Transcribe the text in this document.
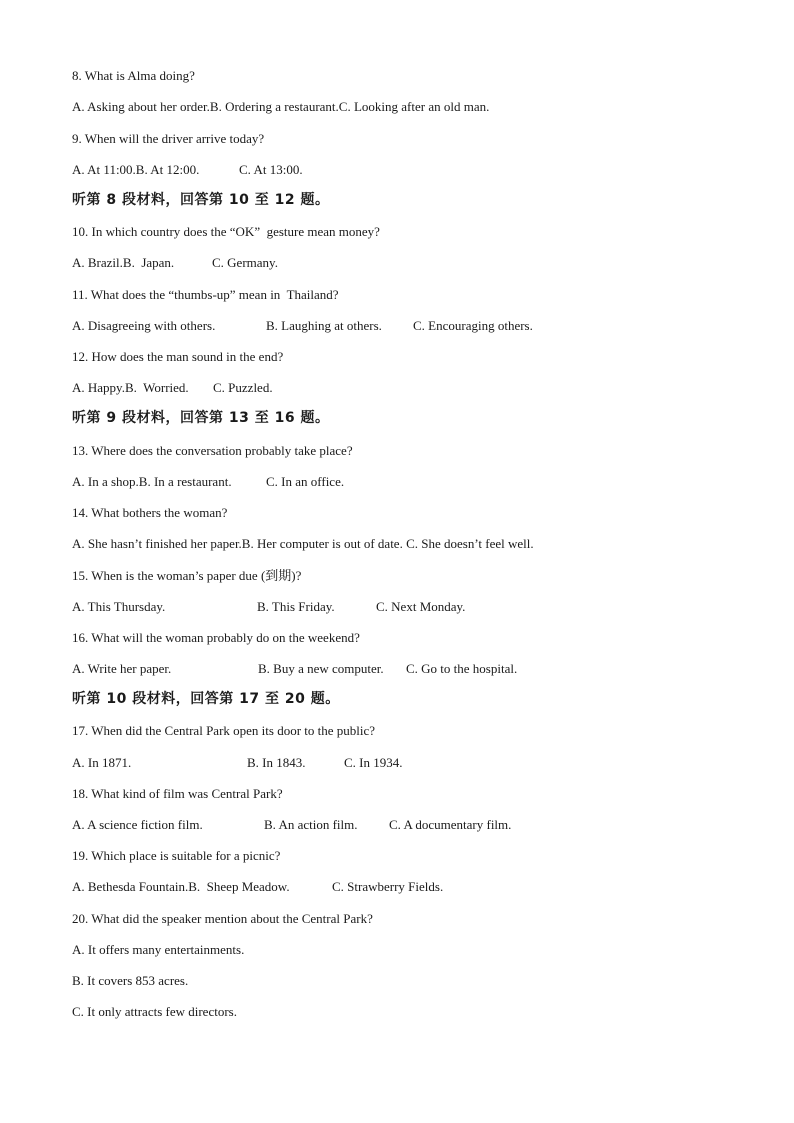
8. What is Alma doing?
A. Asking about her order.B. Ordering a restaurant.C. Looking after an old man.
9. When will the driver arrive today?
A. At 11:00.B. At 12:00.	C. At 13:00.
听第 8 段材料，回答第 10 至 12 题。
10. In which country does the “OK”  gesture mean money?
A. Brazil.B.  Japan.	C. Germany.
11. What does the “thumbs-up” mean in  Thailand?
A. Disagreeing with others.	B. Laughing at others. C. Encouraging others.
12. How does the man sound in the end?
A. Happy.B.  Worried. C. Puzzled.
听第 9 段材料，回答第 13 至 16 题。
13. Where does the conversation probably take place?
A. In a shop.B. In a restaurant.	C. In an office.
14. What bothers the woman?
A. She hasn’t finished her paper.B. Her computer is out of date. C. She doesn’t feel well.
15. When is the woman’s paper due (到期)?
A. This Thursday.	B. This Friday.	C. Next Monday.
16. What will the woman probably do on the weekend?
A. Write her paper.	B. Buy a new computer. C. Go to the hospital.
听第 10 段材料，回答第 17 至 20 题。
17. When did the Central Park open its door to the public?
A. In 1871.	B. In 1843.	C. In 1934.
18. What kind of film was Central Park?
A. A science fiction film.	B. An action film. C. A documentary film.
19. Which place is suitable for a picnic?
A. Bethesda Fountain.B.  Sheep Meadow.	C. Strawberry Fields.
20. What did the speaker mention about the Central Park?
A. It offers many entertainments.
B. It covers 853 acres.
C. It only attracts few directors.
